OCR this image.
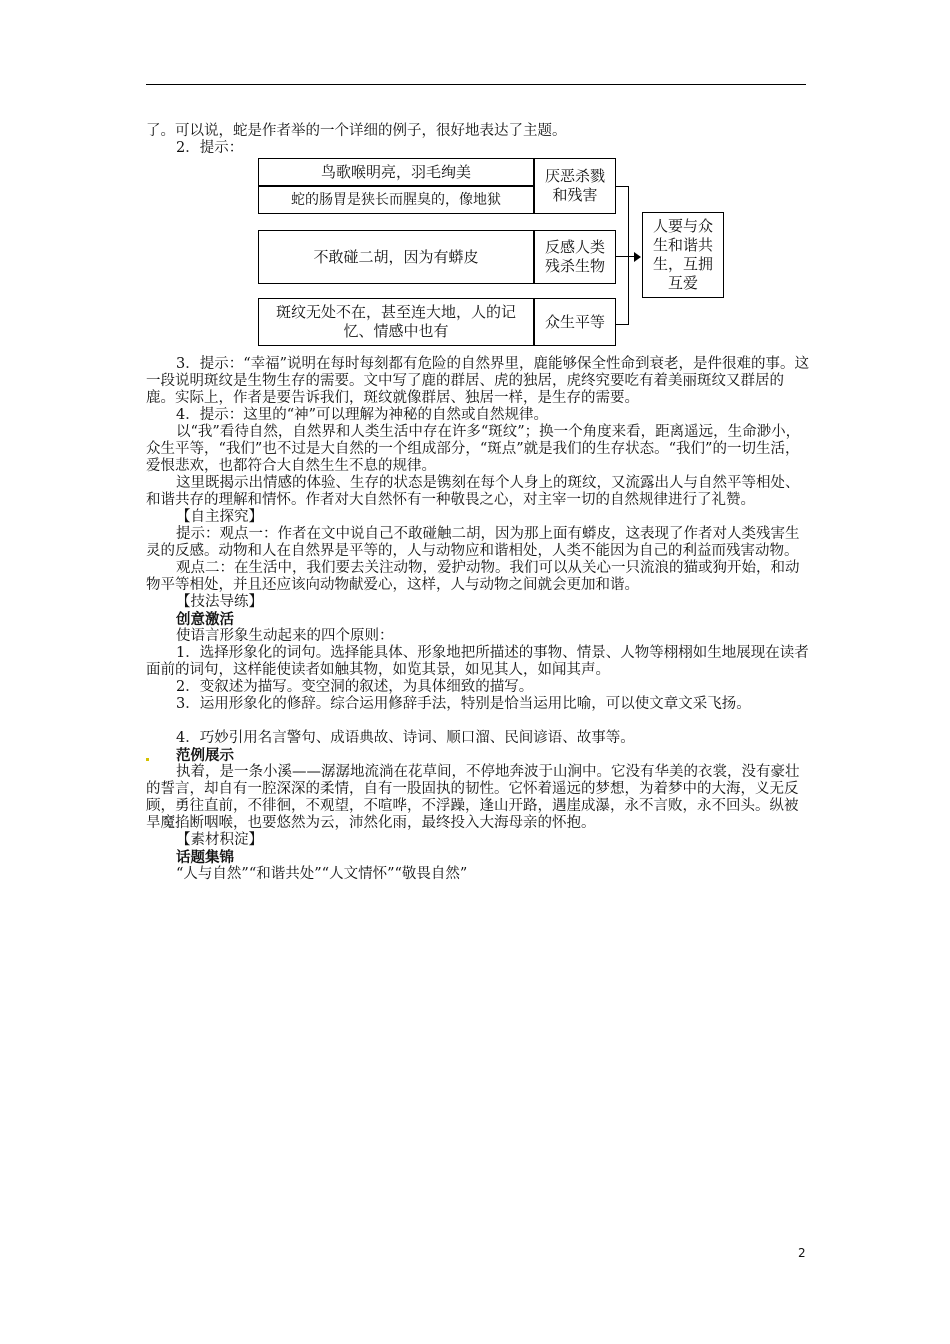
了。可以说，蛇是作者举的一个详细的例子，很好地表达了主题。

2．提示：

鸟歌喉明亮，羽毛绚美
蛇的肠胃是狭长而腥臭的，像地狱
厌恶杀戮和残害
不敢碰二胡，因为有蟒皮
反感人类残杀生物
斑纹无处不在，甚至连大地，人的记忆、情感中也有
众生平等
人要与众生和谐共生，互拥互爱

3．提示：“幸福”说明在每时每刻都有危险的自然界里，鹿能够保全性命到衰老，是件很难的事。这一段说明斑纹是生物生存的需要。文中写了鹿的群居、虎的独居，虎终究要吃有着美丽斑纹又群居的鹿。实际上，作者是要告诉我们，斑纹就像群居、独居一样，是生存的需要。

4．提示：这里的“神”可以理解为神秘的自然或自然规律。

以“我”看待自然，自然界和人类生活中存在许多“斑纹”；换一个角度来看，距离遥远，生命渺小，众生平等，“我们”也不过是大自然的一个组成部分，“斑点”就是我们的生存状态。“我们”的一切生活，爱恨悲欢，也都符合大自然生生不息的规律。

这里既揭示出情感的体验、生存的状态是镌刻在每个人身上的斑纹，又流露出人与自然平等相处、和谐共存的理解和情怀。作者对大自然怀有一种敬畏之心，对主宰一切的自然规律进行了礼赞。

【自主探究】

提示：观点一：作者在文中说自己不敢碰触二胡，因为那上面有蟒皮，这表现了作者对人类残害生灵的反感。动物和人在自然界是平等的，人与动物应和谐相处，人类不能因为自己的利益而残害动物。

观点二：在生活中，我们要去关注动物，爱护动物。我们可以从关心一只流浪的猫或狗开始，和动物平等相处，并且还应该向动物献爱心，这样，人与动物之间就会更加和谐。

【技法导练】

创意激活

使语言形象生动起来的四个原则：

1．选择形象化的词句。选择能具体、形象地把所描述的事物、情景、人物等栩栩如生地展现在读者面前的词句，这样能使读者如触其物，如览其景，如见其人，如闻其声。

2．变叙述为描写。变空洞的叙述，为具体细致的描写。

3．运用形象化的修辞。综合运用修辞手法，特别是恰当运用比喻，可以使文章文采飞扬。

4．巧妙引用名言警句、成语典故、诗词、顺口溜、民间谚语、故事等。

范例展示

执着，是一条小溪——潺潺地流淌在花草间，不停地奔波于山涧中。它没有华美的衣裳，没有豪壮的誓言，却自有一腔深深的柔情，自有一股固执的韧性。它怀着遥远的梦想，为着梦中的大海，义无反顾，勇往直前，不徘徊，不观望，不喧哗，不浮躁，逢山开路，遇崖成瀑，永不言败，永不回头。纵被旱魔掐断咽喉，也要悠然为云，沛然化雨，最终投入大海母亲的怀抱。

【素材积淀】

话题集锦

“人与自然”“和谐共处”“人文情怀”“敬畏自然”

2
